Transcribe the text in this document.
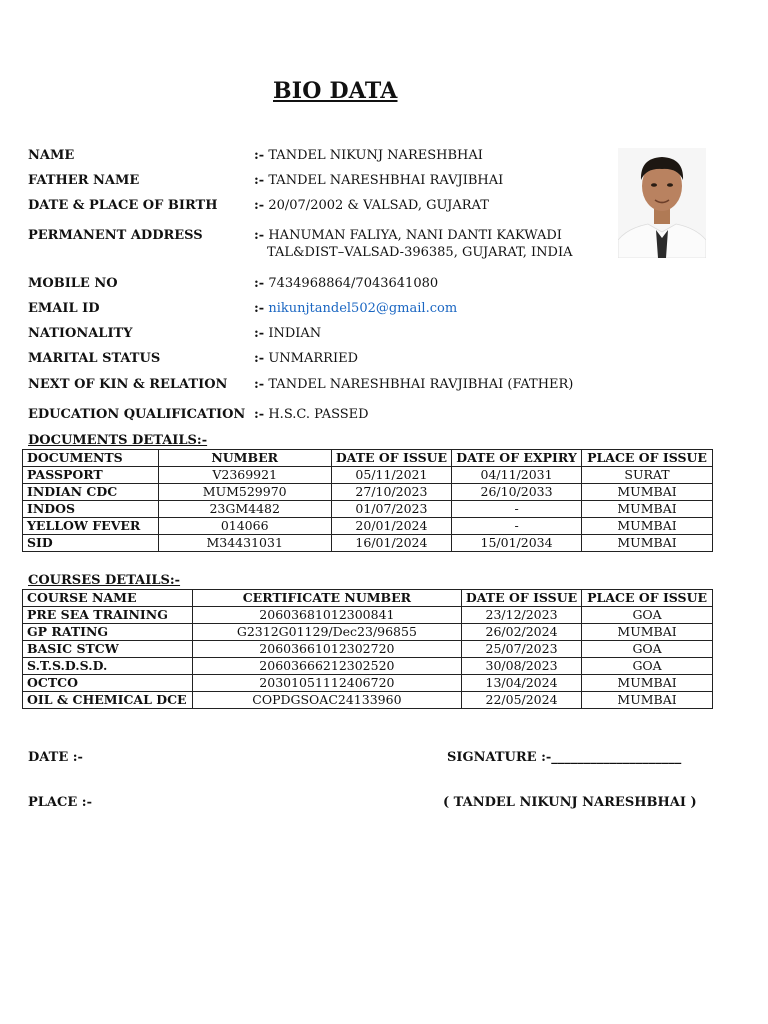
BIO DATA
NAME	:- TANDEL NIKUNJ NARESHBHAI
FATHER NAME	:- TANDEL NARESHBHAI RAVJIBHAI
DATE & PLACE OF BIRTH	:- 20/07/2002 & VALSAD, GUJARAT
PERMANENT ADDRESS	:- HANUMAN FALIYA, NANI DANTI KAKWADI
TAL&DIST–VALSAD-396385, GUJARAT, INDIA
MOBILE NO	:- 7434968864/7043641080
EMAIL ID	:- nikunjtandel502@gmail.com
NATIONALITY	:- INDIAN
MARITAL STATUS	:- UNMARRIED
NEXT OF KIN & RELATION :- TANDEL NARESHBHAI RAVJIBHAI (FATHER)
EDUCATION QUALIFICATION :- H.S.C. PASSED
DOCUMENTS DETAILS:-
DOCUMENTS	NUMBER	DATE OF ISSUE	DATE OF EXPIRY	PLACE OF ISSUE
PASSPORT	V2369921	05/11/2021	04/11/2031	SURAT
INDIAN CDC	MUM529970	27/10/2023	26/10/2033	MUMBAI
INDOS	23GM4482	01/07/2023	-	MUMBAI
YELLOW FEVER	014066	20/01/2024	-	MUMBAI
SID	M34431031	16/01/2024	15/01/2034	MUMBAI
COURSES DETAILS:-
COURSE NAME	CERTIFICATE NUMBER	DATE OF ISSUE	PLACE OF ISSUE
PRE SEA TRAINING	20603681012300841	23/12/2023	GOA
GP RATING	G2312G01129/Dec23/96855	26/02/2024	MUMBAI
BASIC STCW	20603661012302720	25/07/2023	GOA
S.T.S.D.S.D.	20603666212302520	30/08/2023	GOA
OCTCO	20301051112406720	13/04/2024	MUMBAI
OIL & CHEMICAL DCE	COPDGSOAC24133960	22/05/2024	MUMBAI
DATE :-	SIGNATURE :-____________________
PLACE :-	( TANDEL NIKUNJ NARESHBHAI )
